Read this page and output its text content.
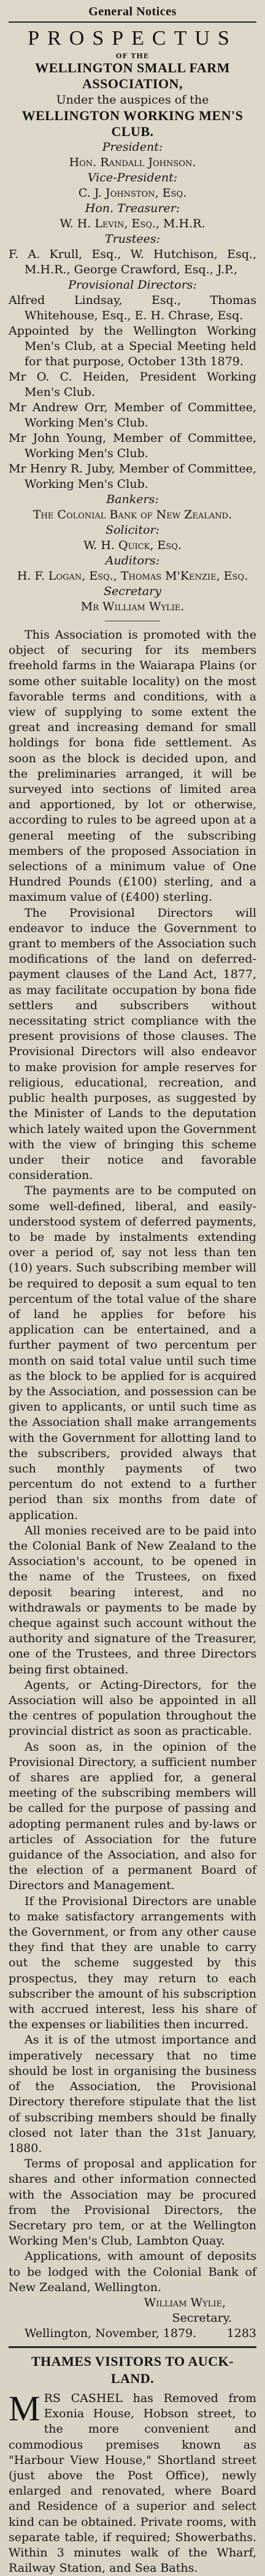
General Notices
PROSPECTUS
OF THE
WELLINGTON SMALL FARM
ASSOCIATION,
Under the auspices of the
WELLINGTON WORKING MEN'S
CLUB.
President:
Hon. Randall Johnson.
Vice-President:
C. J. Johnston, Esq.
Hon. Treasurer:
W. H. Levin, Esq., M.H.R.
Trustees:

F. A. Krull, Esq., W. Hutchison, Esq., M.H.R., George Crawford, Esq., J.P.,

Provisional Directors:

Alfred Lindsay, Esq., Thomas Whitehouse, Esq., E. H. Chrase, Esq.

Appointed by the Wellington Working Men's Club, at a Special Meeting held for that purpose, October 13th 1879.

Mr O. C. Heiden, President Working Men's Club.

Mr Andrew Orr, Member of Committee, Working Men's Club.

Mr John Young, Member of Committee, Working Men's Club.

Mr Henry R. Juby, Member of Committee, Working Men's Club.

Bankers:
The Colonial Bank of New Zealand.
Solicitor:
W. H. Quick, Esq.
Auditors:
H. F. Logan, Esq., Thomas M'Kenzie, Esq.
Secretary
Mr William Wylie.

This Association is promoted with the object of securing for its members freehold farms in the Waiarapa Plains (or some other suitable locality) on the most favorable terms and conditions, with a view of supplying to some extent the great and increasing demand for small holdings for bona fide settlement. As soon as the block is decided upon, and the preliminaries arranged, it will be surveyed into sections of limited area and apportioned, by lot or otherwise, according to rules to be agreed upon at a general meeting of the subscribing members of the proposed Association in selections of a minimum value of One Hundred Pounds (£100) sterling, and a maximum value of (£400) sterling.

The Provisional Directors will endeavor to induce the Government to grant to members of the Association such modifications of the land on deferred-payment clauses of the Land Act, 1877, as may facilitate occupation by bona fide settlers and subscribers without necessitating strict compliance with the present provisions of those clauses. The Provisional Directors will also endeavor to make provision for ample reserves for religious, educational, recreation, and public health purposes, as suggested by the Minister of Lands to the deputation which lately waited upon the Government with the view of bringing this scheme under their notice and favorable consideration.

The payments are to be computed on some well-defined, liberal, and easily-understood system of deferred payments, to be made by instalments extending over a period of, say not less than ten (10) years. Such subscribing member will be required to deposit a sum equal to ten percentum of the total value of the share of land he applies for before his application can be entertained, and a further payment of two percentum per month on said total value until such time as the block to be applied for is acquired by the Association, and possession can be given to applicants, or until such time as the Association shall make arrangements with the Government for allotting land to the subscribers, provided always that such monthly payments of two percentum do not extend to a further period than six months from date of application.

All monies received are to be paid into the Colonial Bank of New Zealand to the Association's account, to be opened in the name of the Trustees, on fixed deposit bearing interest, and no withdrawals or payments to be made by cheque against such account without the authority and signature of the Treasurer, one of the Trustees, and three Directors being first obtained.

Agents, or Acting-Directors, for the Association will also be appointed in all the centres of population throughout the provincial district as soon as practicable.

As soon as, in the opinion of the Provisional Directory, a sufficient number of shares are applied for, a general meeting of the subscribing members will be called for the purpose of passing and adopting permanent rules and by-laws or articles of Association for the future guidance of the Association, and also for the election of a permanent Board of Directors and Management.

If the Provisional Directors are unable to make satisfactory arrangements with the Government, or from any other cause they find that they are unable to carry out the scheme suggested by this prospectus, they may return to each subscriber the amount of his subscription with accrued interest, less his share of the expenses or liabilities then incurred.

As it is of the utmost importance and imperatively necessary that no time should be lost in organising the business of the Association, the Provisional Directory therefore stipulate that the list of subscribing members should be finally closed not later than the 31st January, 1880.

Terms of proposal and application for shares and other information connected with the Association may be procured from the Provisional Directors, the Secretary pro tem, or at the Wellington Working Men's Club, Lambton Quay.

Applications, with amount of deposits to be lodged with the Colonial Bank of New Zealand, Wellington.

William Wylie,
Secretary.
Wellington, November, 1879.	1283
THAMES VISITORS TO AUCK-
LAND.
M RS CASHEL has Removed from Exonia House, Hobson street, to the more convenient and commodious premises known as "Harbour View House," Shortland street (just above the Post Office), newly enlarged and renovated, where Board and Residence of a superior and select kind can be obtained. Private rooms, with separate table, if required; Showerbaths. Within 3 minutes walk of the Wharf, Railway Station, and Sea Baths.
